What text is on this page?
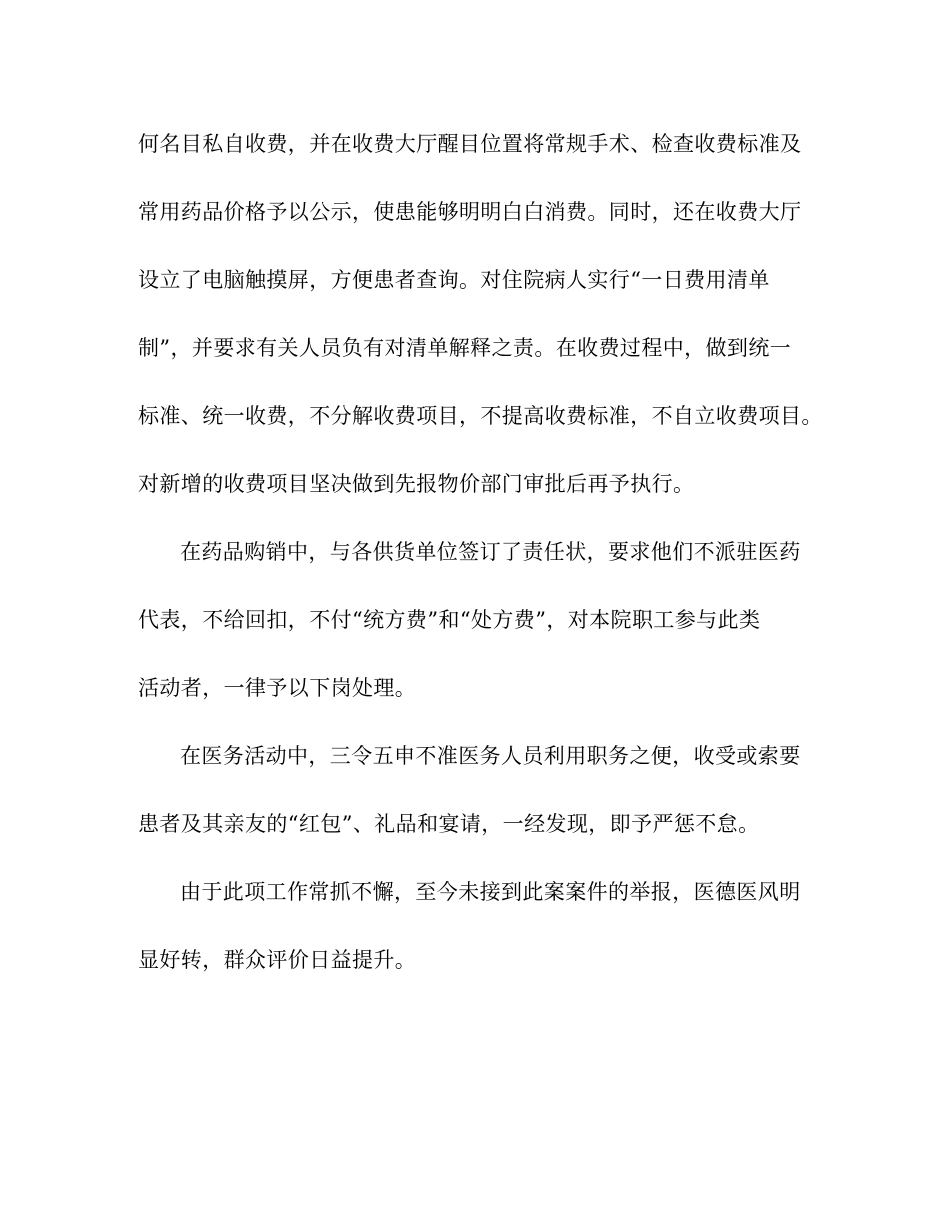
何名目私自收费，并在收费大厅醒目位置将常规手术、检查收费标准及
常用药品价格予以公示，使患能够明明白白消费。同时，还在收费大厅
设立了电脑触摸屏，方便患者查询。对住院病人实行“一日费用清单
制”，并要求有关人员负有对清单解释之责。在收费过程中，做到统一
标准、统一收费，不分解收费项目，不提高收费标准，不自立收费项目。
对新增的收费项目坚决做到先报物价部门审批后再予执行。
在药品购销中，与各供货单位签订了责任状，要求他们不派驻医药
代表，不给回扣，不付“统方费”和“处方费”，对本院职工参与此类
活动者，一律予以下岗处理。
在医务活动中，三令五申不准医务人员利用职务之便，收受或索要
患者及其亲友的“红包”、礼品和宴请，一经发现，即予严惩不怠。
由于此项工作常抓不懈，至今未接到此案案件的举报，医德医风明
显好转，群众评价日益提升。
